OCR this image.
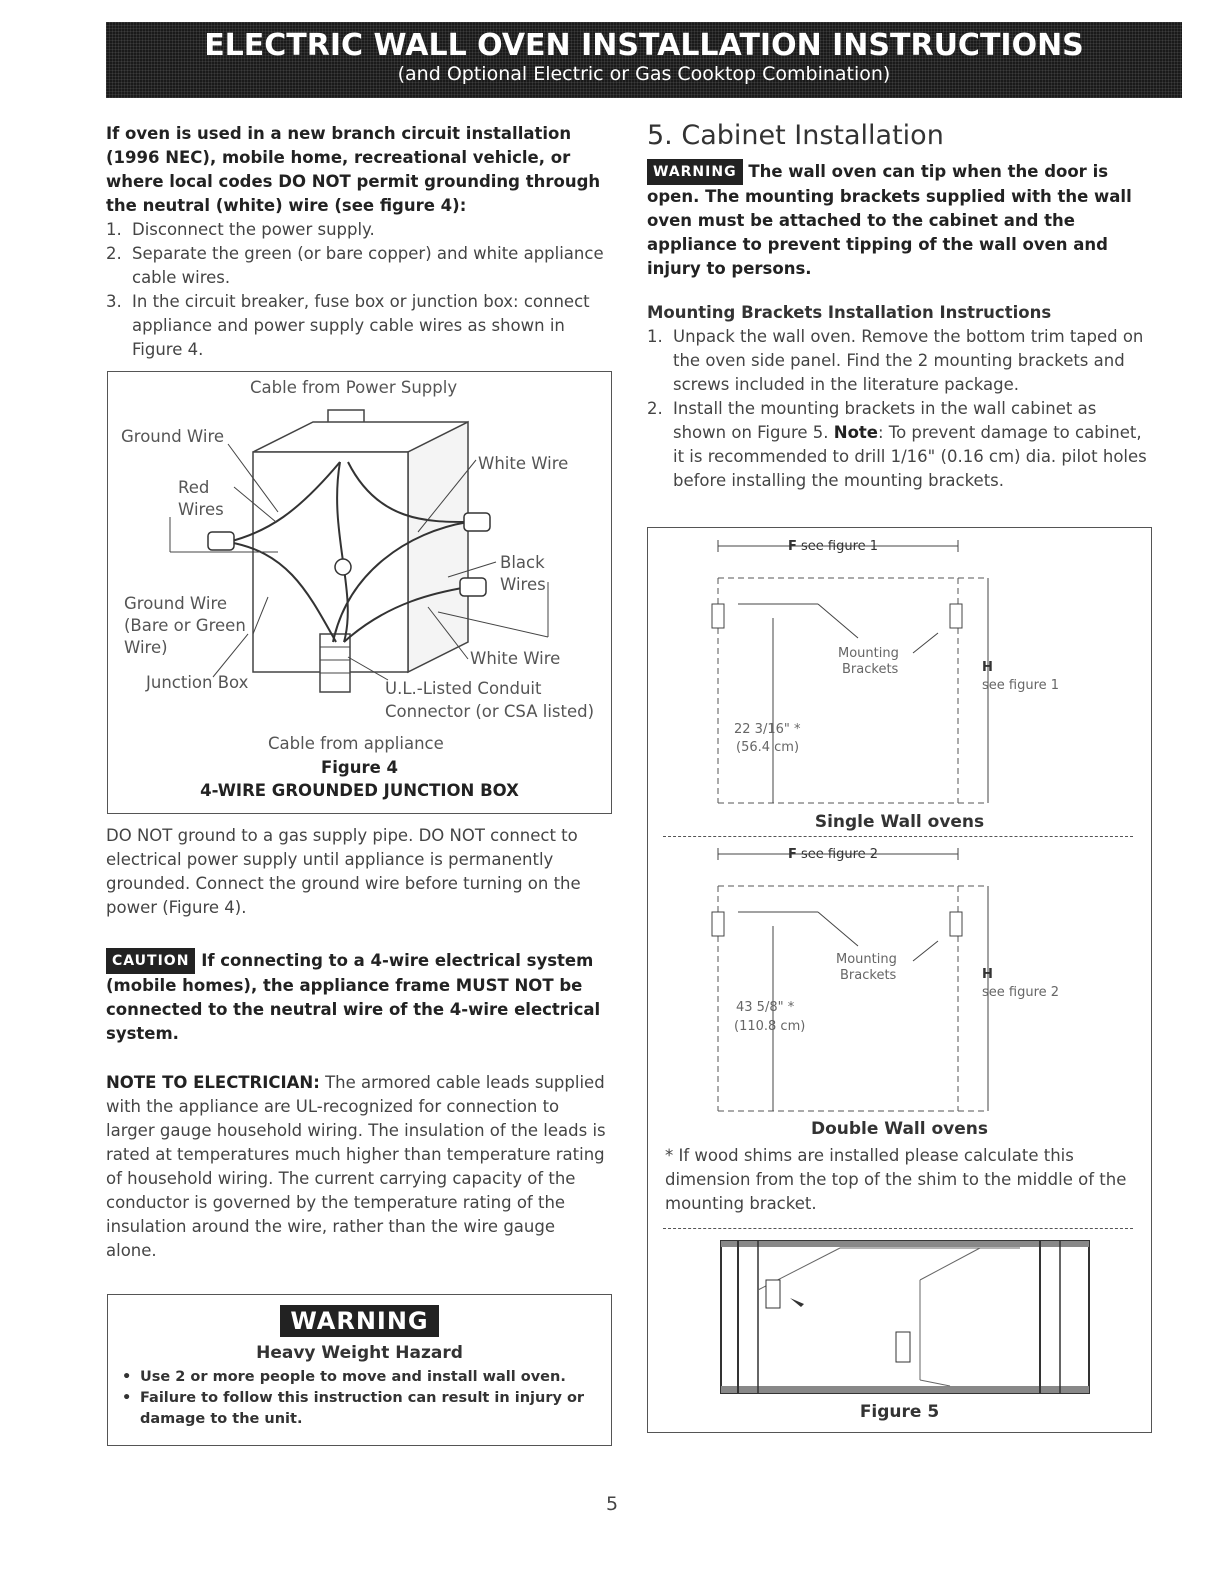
ELECTRIC WALL OVEN INSTALLATION INSTRUCTIONS
(and Optional Electric or Gas Cooktop Combination)
If oven is used in a new branch circuit installation (1996 NEC), mobile home, recreational vehicle, or where local codes DO NOT permit grounding through the neutral (white) wire (see figure 4):
1. Disconnect the power supply.
2. Separate the green (or bare copper) and white appliance cable wires.
3. In the circuit breaker, fuse box or junction box: connect appliance and power supply cable wires as shown in Figure 4.
Cable from Power Supply
Ground Wire
Red
Wires
White Wire
Black
Wires
Ground Wire
(Bare or Green
Wire)
White Wire
Junction Box	U.L.-Listed Conduit
Connector (or CSA listed)
Cable from appliance
Figure 4
4-WIRE GROUNDED JUNCTION BOX
DO NOT ground to a gas supply pipe. DO NOT connect to electrical power supply until appliance is permanently grounded. Connect the ground wire before turning on the power (Figure 4).
CAUTION If connecting to a 4-wire electrical system (mobile homes), the appliance frame MUST NOT be connected to the neutral wire of the 4-wire electrical system.
NOTE TO ELECTRICIAN: The armored cable leads supplied with the appliance are UL-recognized for connection to larger gauge household wiring. The insulation of the leads is rated at temperatures much higher than temperature rating of household wiring. The current carrying capacity of the conductor is governed by the temperature rating of the insulation around the wire, rather than the wire gauge alone.
WARNING
Heavy Weight Hazard
• Use 2 or more people to move and install wall oven.
• Failure to follow this instruction can result in injury or damage to the unit.
5. Cabinet Installation
WARNING The wall oven can tip when the door is open. The mounting brackets supplied with the wall oven must be attached to the cabinet and the appliance to prevent tipping of the wall oven and injury to persons.
Mounting Brackets Installation Instructions
1. Unpack the wall oven. Remove the bottom trim taped on the oven side panel. Find the 2 mounting brackets and screws included in the literature package.
2. Install the mounting brackets in the wall cabinet as shown on Figure 5. Note: To prevent damage to cabinet, it is recommended to drill 1/16" (0.16 cm) dia. pilot holes before installing the mounting brackets.
F see figure 1
Mounting
Brackets	H
see figure 1
22 3/16" *
(56.4 cm)
Single Wall ovens
F see figure 2
Mounting
Brackets	H
see figure 2
43 5/8" *
(110.8 cm)
Double Wall ovens
* If wood shims are installed please calculate this dimension from the top of the shim to the middle of the mounting bracket.
Figure 5
5
